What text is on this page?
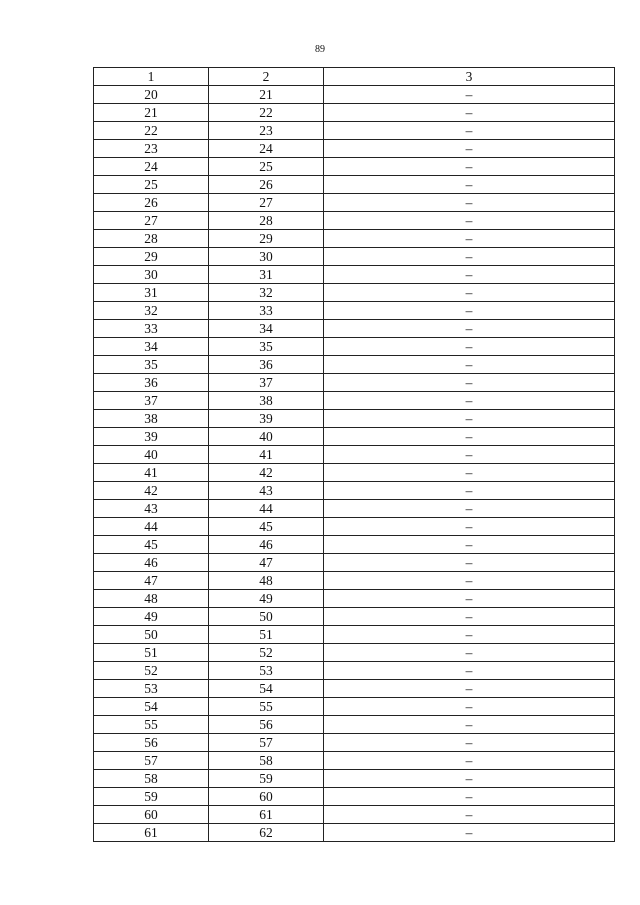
89
1	2	3
20	21	–
21	22	–
22	23	–
23	24	–
24	25	–
25	26	–
26	27	–
27	28	–
28	29	–
29	30	–
30	31	–
31	32	–
32	33	–
33	34	–
34	35	–
35	36	–
36	37	–
37	38	–
38	39	–
39	40	–
40	41	–
41	42	–
42	43	–
43	44	–
44	45	–
45	46	–
46	47	–
47	48	–
48	49	–
49	50	–
50	51	–
51	52	–
52	53	–
53	54	–
54	55	–
55	56	–
56	57	–
57	58	–
58	59	–
59	60	–
60	61	–
61	62	–
